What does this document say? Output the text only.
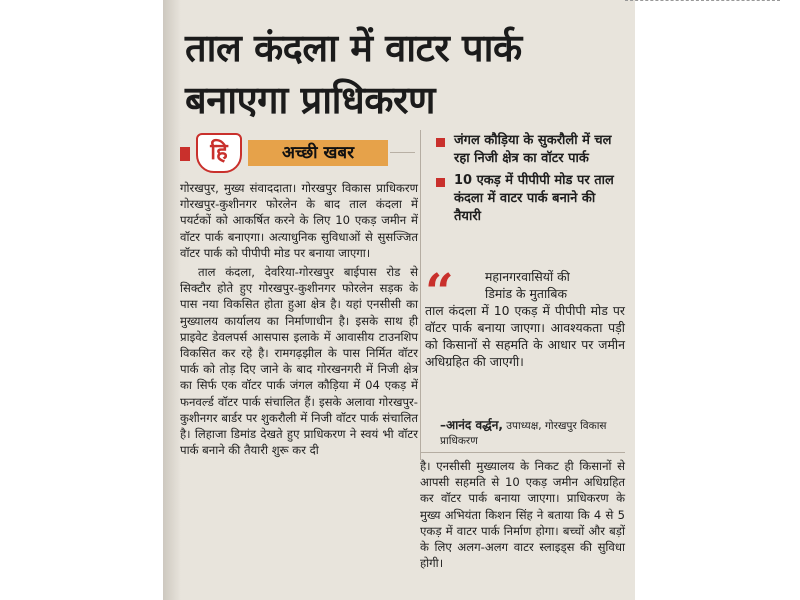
ताल कंदला में वाटर पार्क
बनाएगा प्राधिकरण
हि	अच्छी खबर

गोरखपुर, मुख्य संवाददाता। गोरखपुर विकास प्राधिकरण गोरखपुर-कुशीनगर फोरलेन के बाद ताल कंदला में पयर्टकों को आकर्षित करने के लिए 10 एकड़ जमीन में वॉटर पार्क बनाएगा। अत्याधुनिक सुविधाओं से सुसज्जित वॉटर पार्क को पीपीपी मोड पर बनाया जाएगा।

ताल कंदला, देवरिया-गोरखपुर बाईपास रोड से सिक्टौर होते हुए गोरखपुर-कुशीनगर फोरलेन सड़क के पास नया विकसित होता हुआ क्षेत्र है। यहां एनसीसी का मुख्यालय कार्यालय का निर्माणाधीन है। इसके साथ ही प्राइवेट डेवलपर्स आसपास इलाके में आवासीय टाउनशिप विकसित कर रहे है। रामगढ़झील के पास निर्मित वॉटर पार्क को तोड़ दिए जाने के बाद गोरखनगरी में निजी क्षेत्र का सिर्फ एक वॉटर पार्क जंगल कौड़िया में 04 एकड़ में फनवर्ल्ड वॉटर पार्क संचालित हैं। इसके अलावा गोरखपुर-कुशीनगर बार्डर पर शुकरौली में निजी वॉटर पार्क संचालित है। लिहाजा डिमांड देखते हुए प्राधिकरण ने स्वयं भी वॉटर पार्क बनाने की तैयारी शुरू कर दी

जंगल कौड़िया के सुकरौली में चल रहा निजी क्षेत्र का वॉटर पार्क
10 एकड़ में पीपीपी मोड पर ताल कंदला में वाटर पार्क बनाने की तैयारी
“	महानगरवासियों की
डिमांड के मुताबिक
ताल कंदला में 10 एकड़ में पीपीपी मोड पर वॉटर पार्क बनाया जाएगा। आवश्यकता पड़ी को किसानों से सहमति के आधार पर जमीन अधिग्रहित की जाएगी।
–आनंद वर्द्धन, उपाध्यक्ष, गोरखपुर विकास प्राधिकरण

है। एनसीसी मुख्यालय के निकट ही किसानों से आपसी सहमति से 10 एकड़ जमीन अधिग्रहित कर वॉटर पार्क बनाया जाएगा। प्राधिकरण के मुख्य अभियंता किशन सिंह ने बताया कि 4 से 5 एकड़ में वाटर पार्क निर्माण होगा। बच्चों और बड़ों के लिए अलग-अलग वाटर स्लाइड्स की सुविधा होगी।
